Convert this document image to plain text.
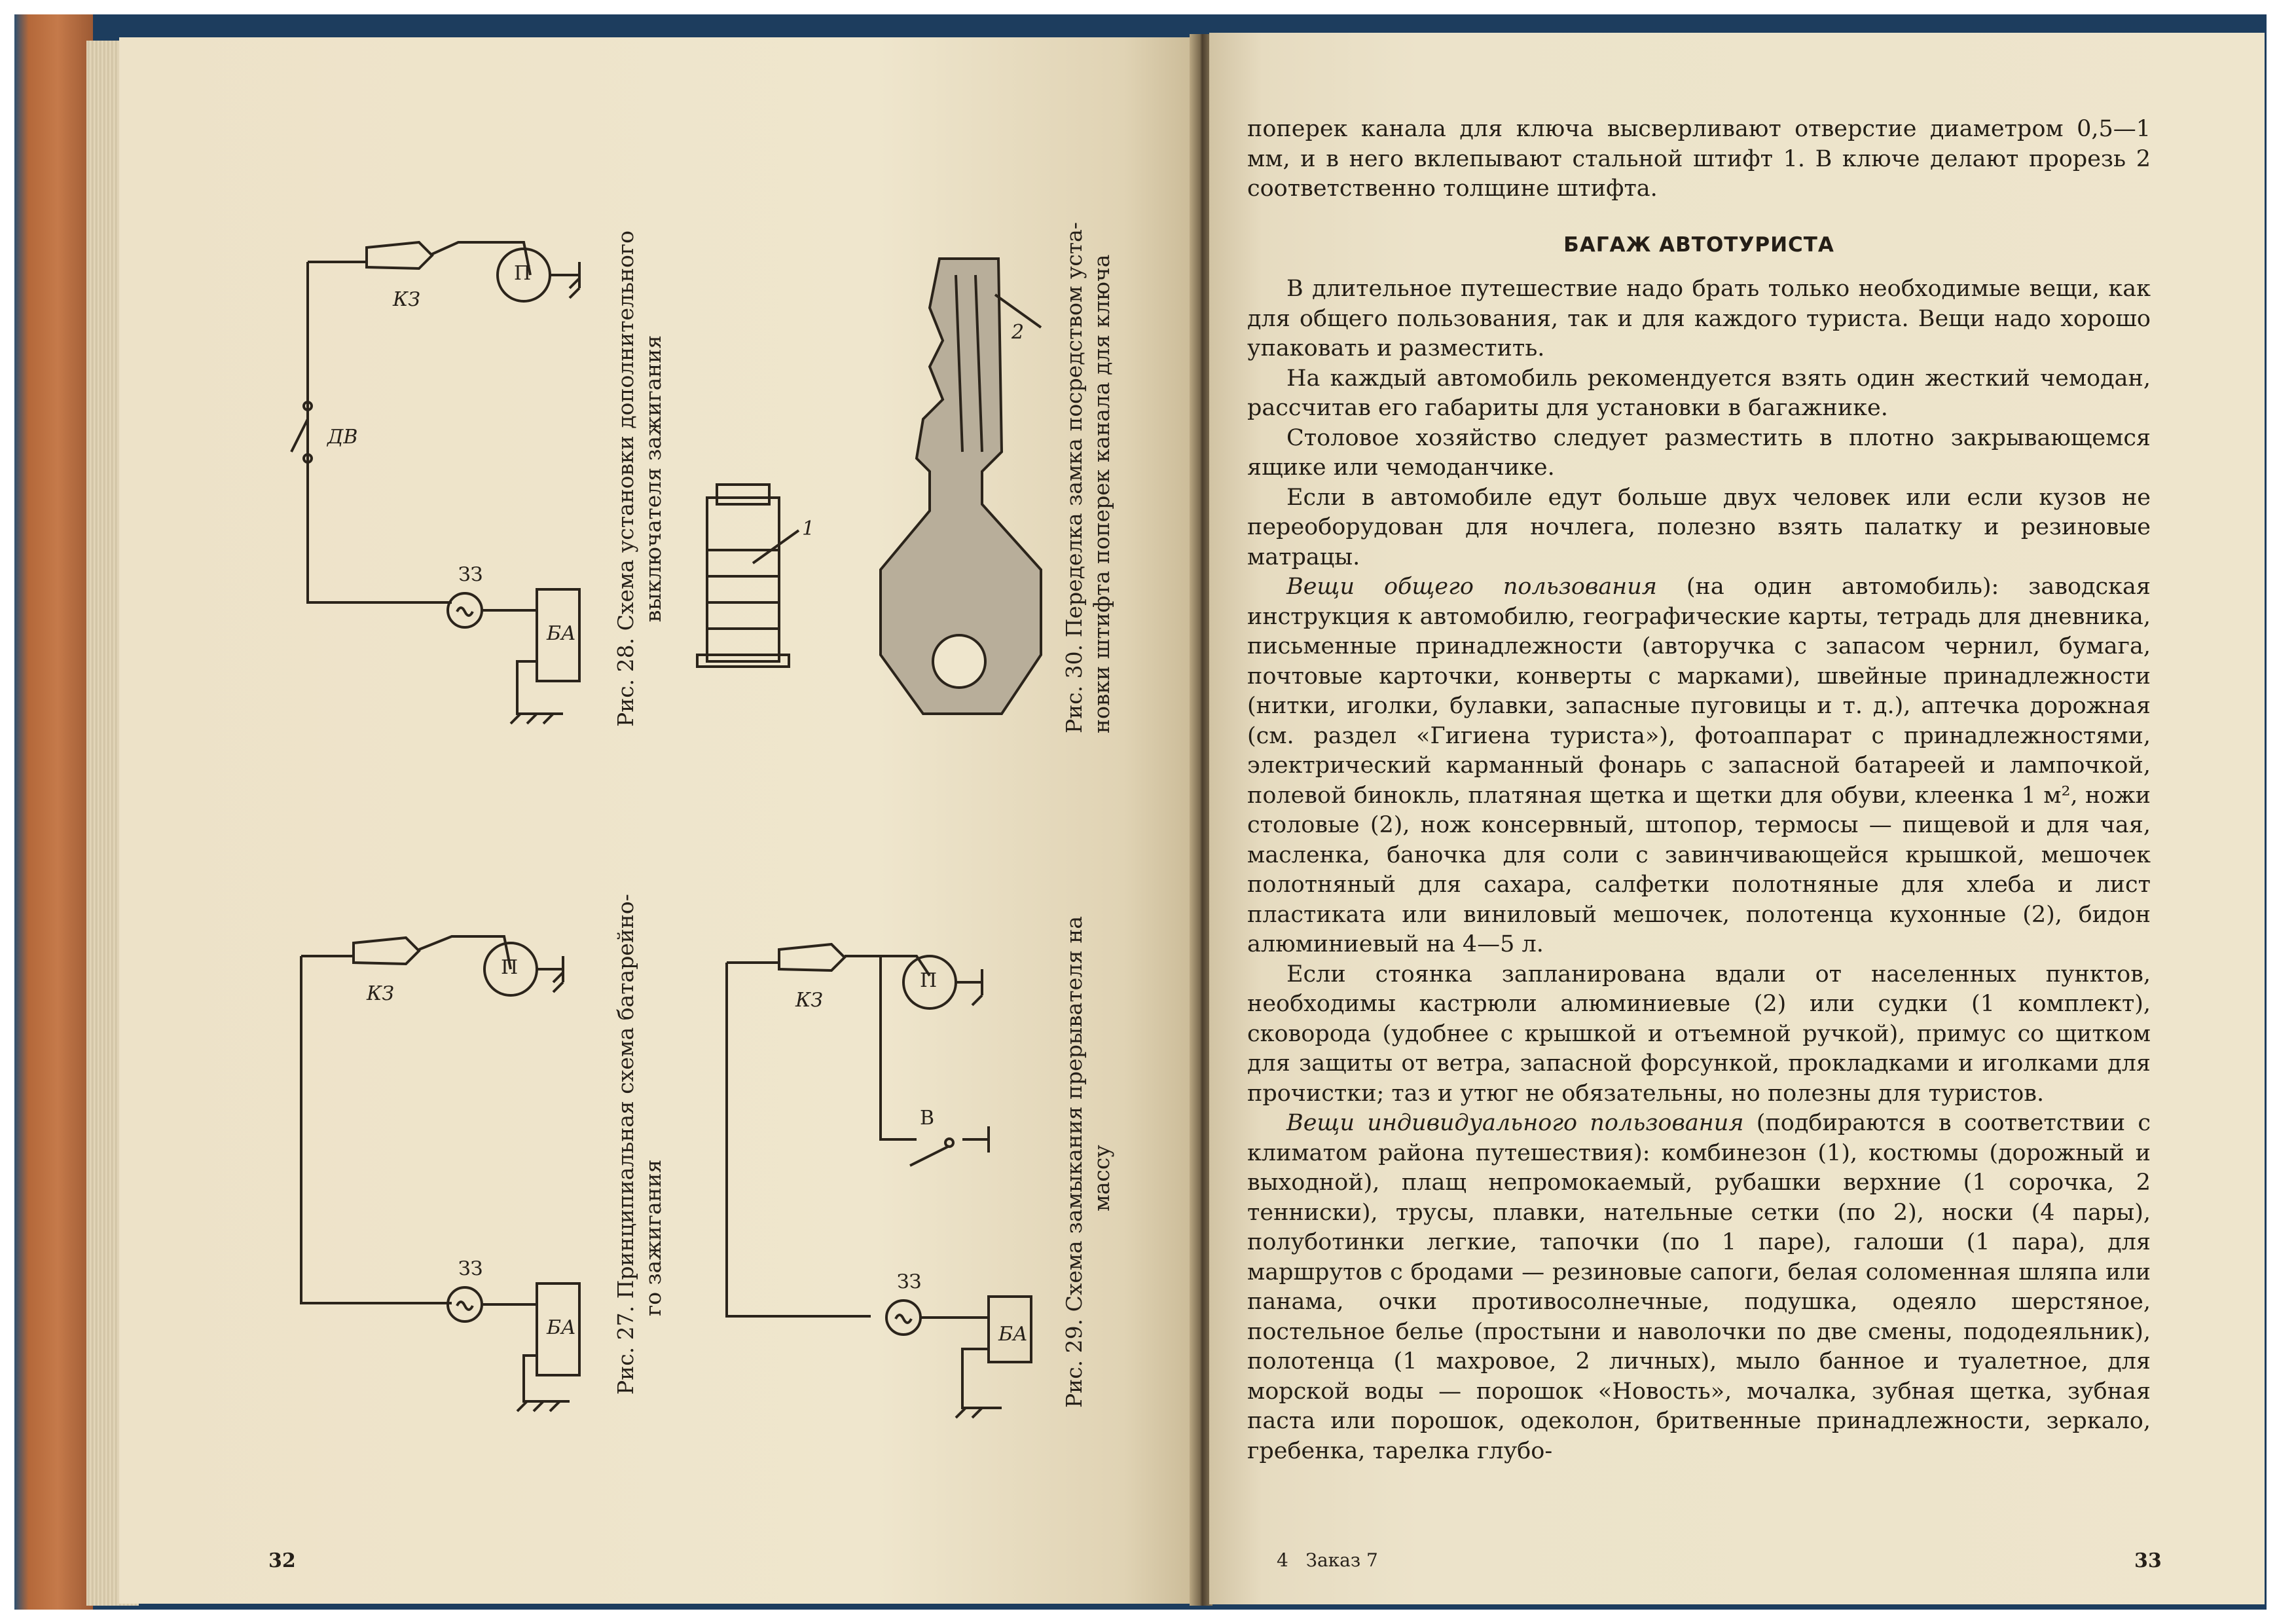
КЗ
П
ДВ
ЗЗ
БА
КЗ
П
ЗЗ
БА
КЗ
П
В
ЗЗ
БА
1
2
Рис. 28. Схема установки дополнительного выключателя зажигания
Рис. 27. Принципиальная схема батарейно- го зажигания
Рис. 30. Переделка замка посредством уста- новки штифта поперек канала для ключа
Рис. 29. Схема замыкания прерывателя на массу
32

поперек канала для ключа высверливают отверстие диаметром 0,5—1 мм, и в него вклепывают стальной штифт 1. В ключе делают прорезь 2 соответственно толщине штифта.

БАГАЖ АВТОТУРИСТА

В длительное путешествие надо брать только необходимые вещи, как для общего пользования, так и для каждого туриста. Вещи надо хорошо упаковать и разместить.

На каждый автомобиль рекомендуется взять один жесткий чемодан, рассчитав его габариты для установки в багажнике.

Столовое хозяйство следует разместить в плотно закрывающемся ящике или чемоданчике.

Если в автомобиле едут больше двух человек или если кузов не переоборудован для ночлега, полезно взять палатку и резиновые матрацы.

Вещи общего пользования (на один автомобиль): заводская инструкция к автомобилю, географические карты, тетрадь для дневника, письменные принадлежности (авторучка с запасом чернил, бумага, почтовые карточки, конверты с марками), швейные принадлежности (нитки, иголки, булавки, запасные пуговицы и т. д.), аптечка дорожная (см. раздел «Гигиена туриста»), фотоаппарат с принадлежностями, электрический карманный фонарь с запасной батареей и лампочкой, полевой бинокль, платяная щетка и щетки для обуви, клеенка 1 м², ножи столовые (2), нож консервный, штопор, термосы — пищевой и для чая, масленка, баночка для соли с завинчивающейся крышкой, мешочек полотняный для сахара, салфетки полотняные для хлеба и лист пластиката или виниловый мешочек, полотенца кухонные (2), бидон алюминиевый на 4—5 л.

Если стоянка запланирована вдали от населенных пунктов, необходимы кастрюли алюминиевые (2) или судки (1 комплект), сковорода (удобнее с крышкой и отъемной ручкой), примус со щитком для защиты от ветра, запасной форсункой, прокладками и иголками для прочистки; таз и утюг не обязательны, но полезны для туристов.

Вещи индивидуального пользования (подбираются в соответствии с климатом района путешествия): комбинезон (1), костюмы (дорожный и выходной), плащ непромокаемый, рубашки верхние (1 сорочка, 2 тенниски), трусы, плавки, нательные сетки (по 2), носки (4 пары), полуботинки легкие, тапочки (по 1 паре), галоши (1 пара), для маршрутов с бродами — резиновые сапоги, белая соломенная шляпа или панама, очки противосолнечные, подушка, одеяло шерстяное, постельное белье (простыни и наволочки по две смены, пододеяльник), полотенца (1 махровое, 2 личных), мыло банное и туалетное, для морской воды — порошок «Новость», мочалка, зубная щетка, зубная паста или порошок, одеколон, бритвенные принадлежности, зеркало, гребенка, тарелка глубо-

4   Заказ 7	33
